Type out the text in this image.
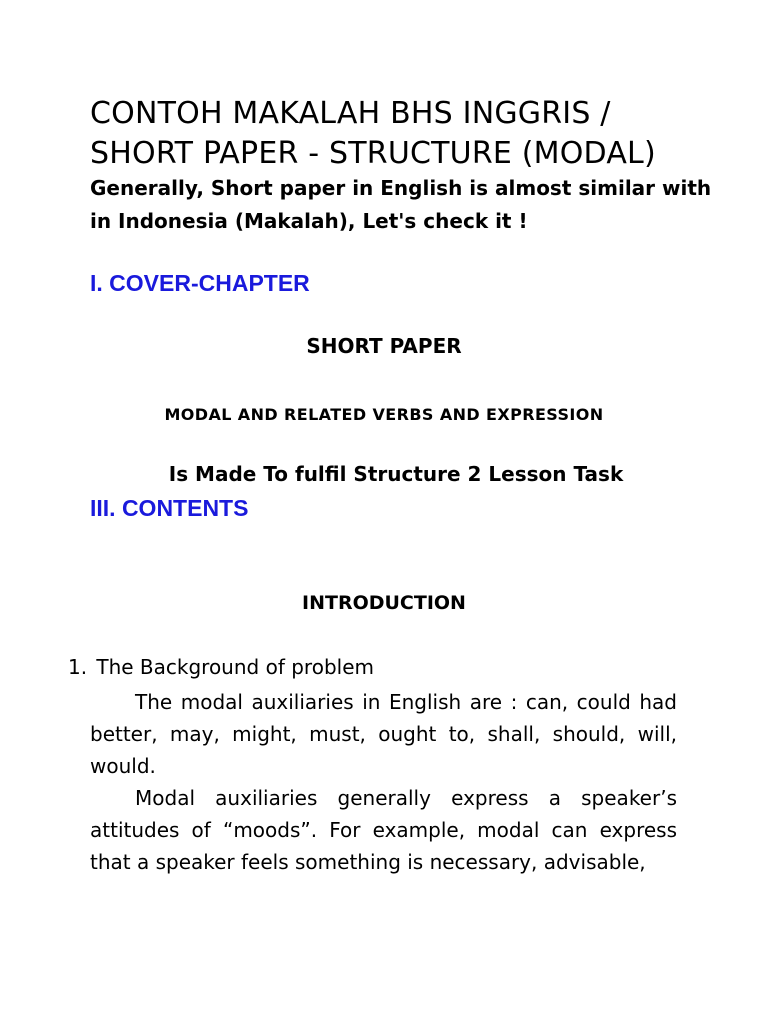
CONTOH MAKALAH BHS INGGRIS / SHORT PAPER - STRUCTURE (MODAL)

Generally, Short paper in English is almost similar with in Indonesia (Makalah), Let's check it !

I. COVER-CHAPTER
SHORT PAPER
MODAL AND RELATED VERBS AND EXPRESSION
Is Made To fulfil Structure 2 Lesson Task
III. CONTENTS
INTRODUCTION
1. The Background of problem

The modal auxiliaries in English are : can, could had better, may, might, must, ought to, shall, should, will, would.

Modal auxiliaries generally express a speaker’s attitudes of “moods”. For example, modal can express that a speaker feels something is necessary, advisable,
